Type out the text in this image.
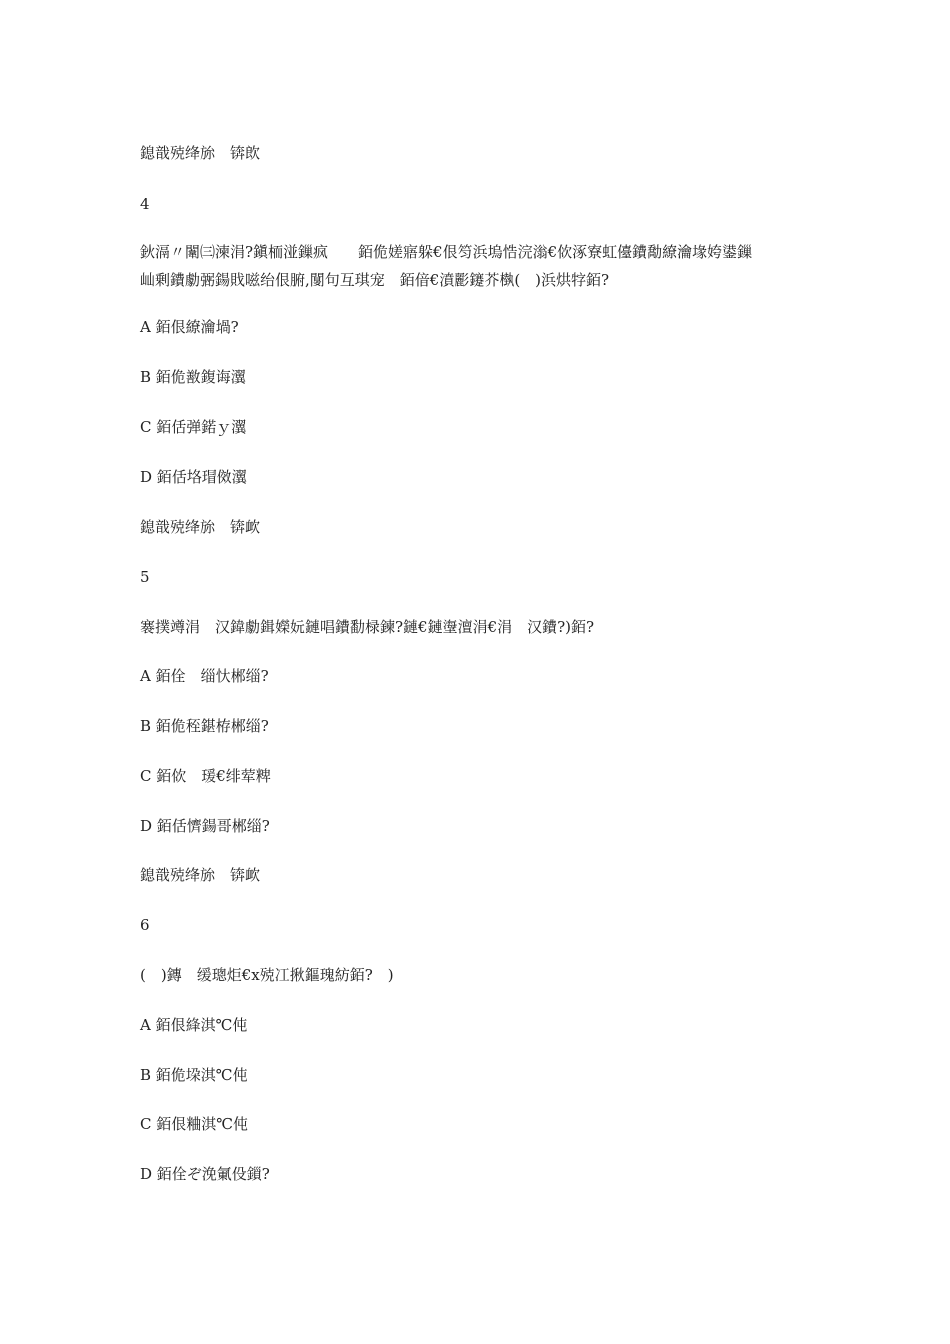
鎴戠殑绛旀　锛欴
4
鈥滆〃闈㈢湅涓?鎭栭湴鏁疯　　銆佹嫅寤躲€佷笉浜塢悎浣滃€佽涿寮虹儓鐨勪繚瀹堟姱鍙鏁
屾剰鐨勮弻鍚戝嗞绐佷腑,闅句互琪宠　銆偣€濆彲鑳芥槸(　)浜烘牸銆?
A 銆佷繚瀹堝?
B 銆佹敾鍑诲瀷
C 銆佸弹鍩ｙ瀷
D 銆佸垎瑁傚瀷
鎴戠殑绛旀　锛欰
5
褰撲竴涓　汉鍏勮鍓嬫妧鏈唱鐨勫椂鍊?鏈€鏈塰澶涓€涓　汉鐨?)銆?
A 銆佺　缁忕郴缁?
B 銆佹秷鍖栫郴缁?
C 銆佽　瑗€绯荤粺
D 銆佸懠鍚哥郴缁?
鎴戠殑绛旀　锛欰
6
(　)鏄　缓璁炬€х殑冮揪鏂瑰紡銆?　)
A 銆佷綘淇℃伅
B 銆佹垜淇℃伅
C 銆佷粬淇℃伅
D 銆佺ぞ浼氭伇鎻?
